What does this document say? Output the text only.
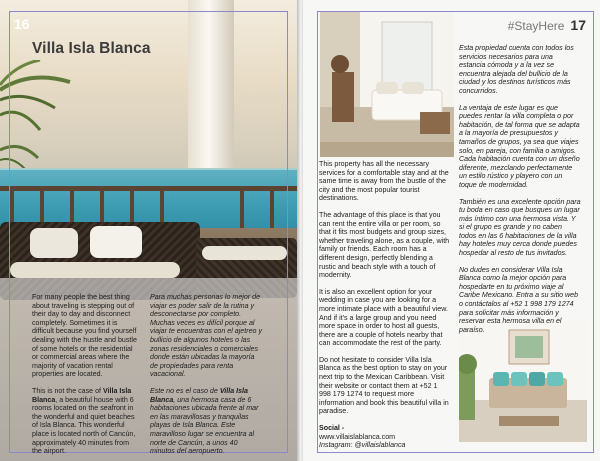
16
Villa Isla Blanca

For many people the best thing about traveling is stepping out of their day to day and disconnect completely. Sometimes it is difficult because you find yourself dealing with the hustle and bustle of some hotels or the residential or commercial areas where the majority of vacation rental properties are located.

This is not the case of Villa Isla Blanca, a beautiful house with 6 rooms located on the seafront in the wonderful and quiet beaches of Isla Blanca. This wonderful place is located north of Cancún, approximately 40 minutes from the airport.

Para muchas personas lo mejor de viajar es poder salir de la rutina y desconectarse por completo. Muchas veces es difícil porque al viajar te encuentras con el ajetreo y bullicio de algunos hoteles o las zonas residenciales o comerciales donde están ubicadas la mayoría de propiedades para renta vacacional.

Este no es el caso de Villa Isla Blanca, una hermosa casa de 6 habitaciones ubicada frente al mar en las maravillosas y tranquilas playas de Isla Blanca. Este maravilloso lugar se encuentra al norte de Cancún, a unos 40 minutos del aeropuerto.

#StayHere 17

Esta propiedad cuenta con todos los servicios necesarios para una estancia cómoda y a la vez se encuentra alejada del bullicio de la ciudad y los destinos turísticos más concurridos.

La ventaja de este lugar es que puedes rentar la villa completa o por habitación, de tal forma que se adapta a la mayoría de presupuestos y tamaños de grupos, ya sea que viajes solo, en pareja, con familia o amigos. Cada habitación cuenta con un diseño diferente, mezclando perfectamente un estilo rústico y playero con un toque de modernidad.

También es una excelente opción para tu boda en caso que busques un lugar más íntimo con una hermosa vista. Y si el grupo es grande y no caben todos en las 6 habitaciones de la villa hay hoteles muy cerca donde puedes hospedar al resto de tus invitados.

No dudes en considerar Villa Isla Blanca como la mejor opción para hospedarte en tu próximo viaje al Caribe Mexicano. Entra a su sitio web o contáctalos al +52 1 998 179 1274 para solicitar más información y reservar esta hermosa villa en el paraíso.

This property has all the necessary services for a comfortable stay and at the same time is away from the bustle of the city and the most popular tourist destinations.

The advantage of this place is that you can rent the entire villa or per room, so that it fits most budgets and group sizes, whether traveling alone, as a couple, with family or friends. Each room has a different design, perfectly blending a rustic and beach style with a touch of modernity.

It is also an excellent option for your wedding in case you are looking for a more intimate place with a beautiful view. And if it's a large group and you need more space in order to host all guests, there are a couple of hotels nearby that can accommodate the rest of the party.

Do not hesitate to consider Villa Isla Blanca as the best option to stay on your next trip to the Mexican Caribbean. Visit their website or contact them at +52 1 998 179 1274 to request more information and book this beautiful villa in paradise.

Social -
www.villaislablanca.com
Instagram: @villaislablanca
